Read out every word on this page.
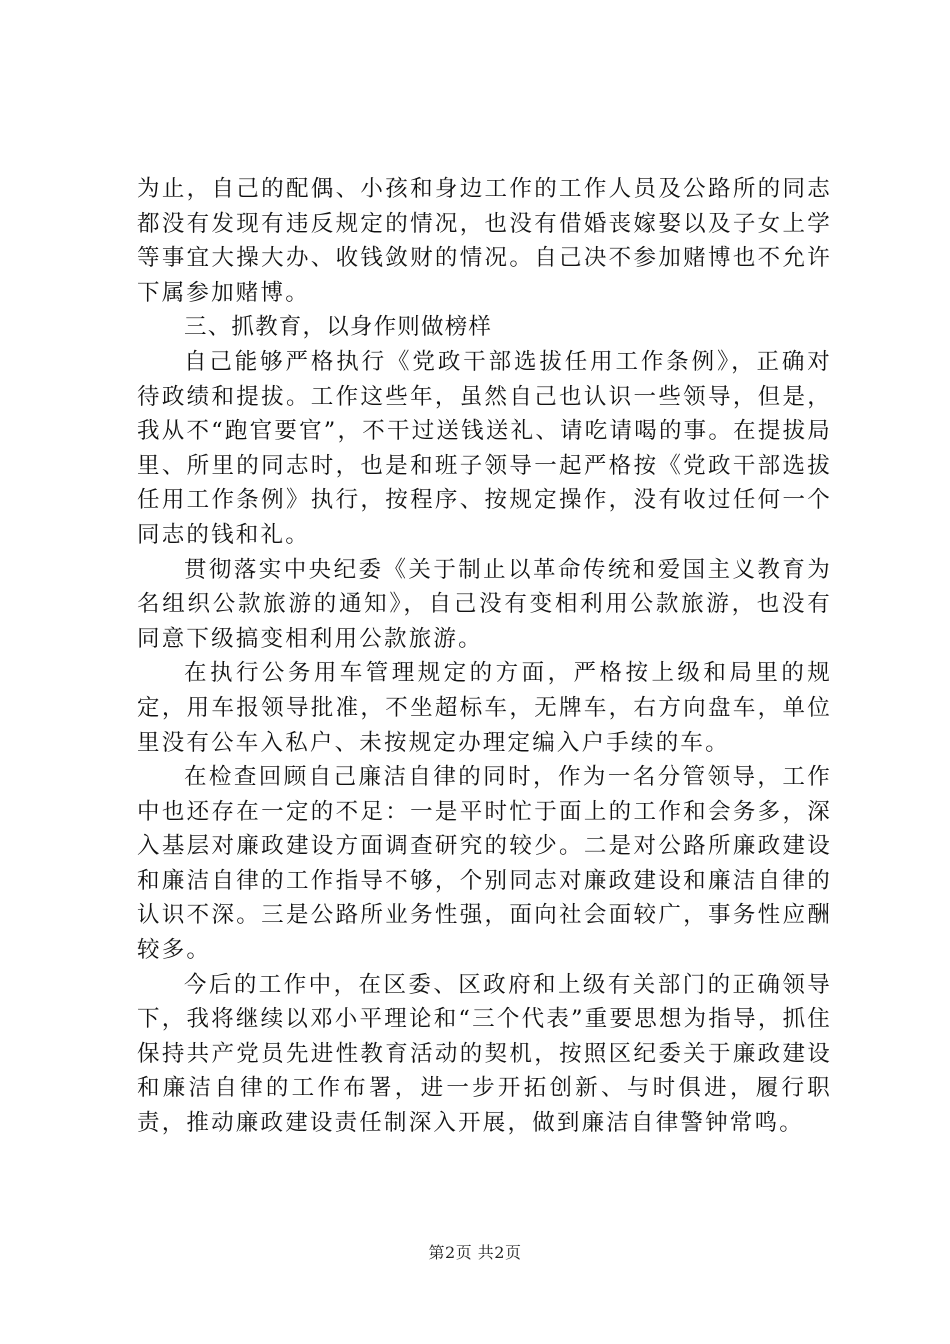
为止，自己的配偶、小孩和身边工作的工作人员及公路所的同志都没有发现有违反规定的情况，也没有借婚丧嫁娶以及子女上学等事宜大操大办、收钱敛财的情况。自己决不参加赌博也不允许下属参加赌博。

三、抓教育，以身作则做榜样

自己能够严格执行《党政干部选拔任用工作条例》，正确对待政绩和提拔。工作这些年，虽然自己也认识一些领导，但是，我从不“跑官要官”，不干过送钱送礼、请吃请喝的事。在提拔局里、所里的同志时，也是和班子领导一起严格按《党政干部选拔任用工作条例》执行，按程序、按规定操作，没有收过任何一个同志的钱和礼。

贯彻落实中央纪委《关于制止以革命传统和爱国主义教育为名组织公款旅游的通知》，自己没有变相利用公款旅游，也没有同意下级搞变相利用公款旅游。

在执行公务用车管理规定的方面，严格按上级和局里的规定，用车报领导批准，不坐超标车，无牌车，右方向盘车，单位里没有公车入私户、未按规定办理定编入户手续的车。

在检查回顾自己廉洁自律的同时，作为一名分管领导，工作中也还存在一定的不足：一是平时忙于面上的工作和会务多，深入基层对廉政建设方面调查研究的较少。二是对公路所廉政建设和廉洁自律的工作指导不够，个别同志对廉政建设和廉洁自律的认识不深。三是公路所业务性强，面向社会面较广，事务性应酬较多。

今后的工作中，在区委、区政府和上级有关部门的正确领导下，我将继续以邓小平理论和“三个代表”重要思想为指导，抓住保持共产党员先进性教育活动的契机，按照区纪委关于廉政建设和廉洁自律的工作布署，进一步开拓创新、与时俱进，履行职责，推动廉政建设责任制深入开展，做到廉洁自律警钟常鸣。

第2页 共2页
